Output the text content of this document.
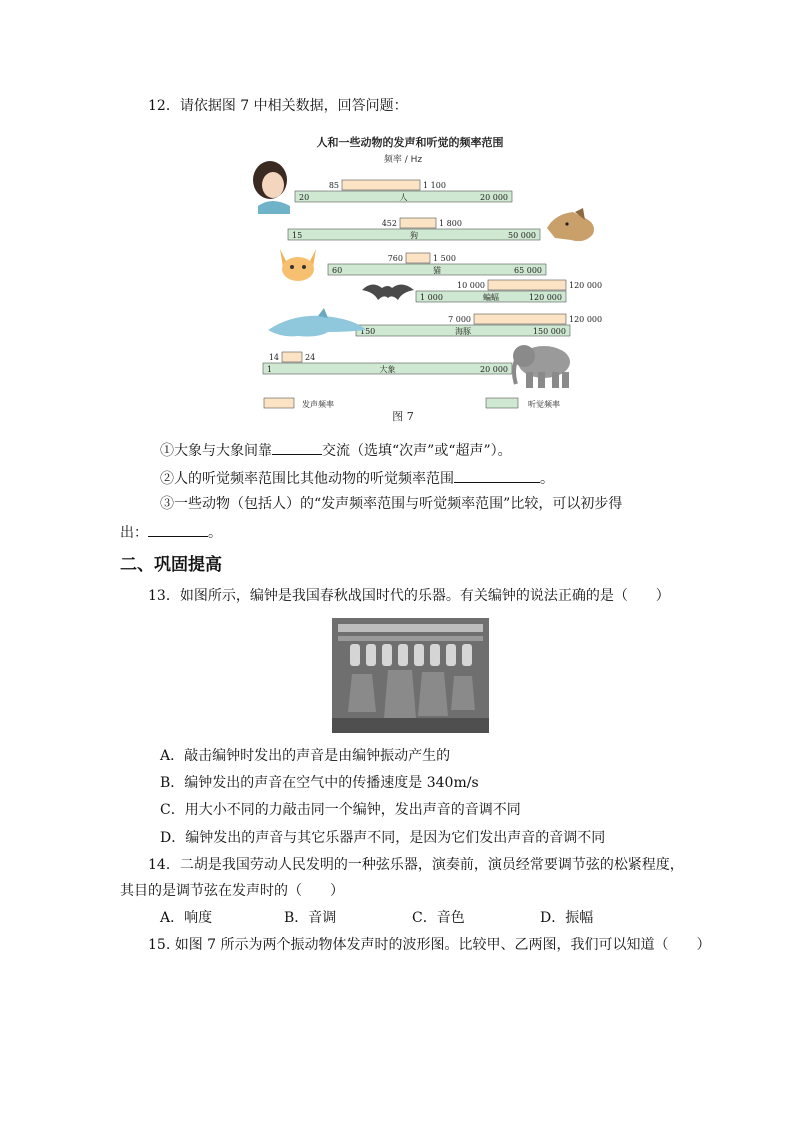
12．请依据图 7 中相关数据，回答问题：
人和一些动物的发声和听觉的频率范围
频率 / Hz
85	1 100
20	20 000
人
452	1 800
15	50 000
狗
760	1 500
60	65 000
猫
10 000	120 000
1 000	120 000
蝙蝠
7 000	120 000
150	150 000
海豚
14	24
1	20 000
大象
发声频率	听觉频率
图 7
①大象与大象间靠	交流（选填“次声”或“超声”）。
②人的听觉频率范围比其他动物的听觉频率范围	。
③一些动物（包括人）的“发声频率范围与听觉频率范围”比较，可以初步得
出：	。
二、巩固提高
13．如图所示，编钟是我国春秋战国时代的乐器。有关编钟的说法正确的是（　　）
A．敲击编钟时发出的声音是由编钟振动产生的
B．编钟发出的声音在空气中的传播速度是 340m/s
C．用大小不同的力敲击同一个编钟，发出声音的音调不同
D．编钟发出的声音与其它乐器声不同，是因为它们发出声音的音调不同
14．二胡是我国劳动人民发明的一种弦乐器，演奏前，演员经常要调节弦的松紧程度，
其目的是调节弦在发声时的（　　）
A．响度	B．音调	C．音色	D．振幅
15. 如图 7 所示为两个振动物体发声时的波形图。比较甲、乙两图，我们可以知道（　　）
